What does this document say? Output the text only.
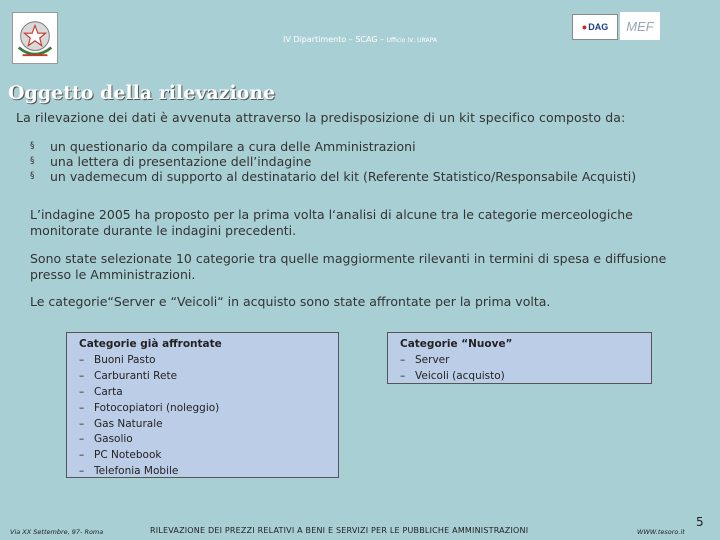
IV Dipartimento – SCAG – Ufficio IV; URAPA
● DAG MEF
Oggetto della rilevazione
La rilevazione dei dati è avvenuta attraverso la predisposizione di un kit specifico composto da:
§ un questionario da compilare a cura delle Amministrazioni
§ una lettera di presentazione dell’indagine
§ un vademecum di supporto al destinatario del kit (Referente Statistico/Responsabile Acquisti)

L’indagine 2005 ha proposto per la prima volta l‘analisi di alcune tra le categorie merceologiche monitorate durante le indagini precedenti.

Sono state selezionate 10 categorie tra quelle maggiormente rilevanti in termini di spesa e diffusione presso le Amministrazioni.

Le categorie“Server e “Veicoli“ in acquisto sono state affrontate per la prima volta.

Categorie già affrontate
– Buoni Pasto
– Carburanti Rete
– Carta
– Fotocopiatori (noleggio)
– Gas Naturale
– Gasolio
– PC Notebook
– Telefonia Mobile
Categorie “Nuove”
– Server
– Veicoli (acquisto)
Via XX Settembre, 97- Roma	RILEVAZIONE DEI PREZZI RELATIVI A BENI E SERVIZI PER LE PUBBLICHE AMMINISTRAZIONI	WWW.tesoro.it
5
